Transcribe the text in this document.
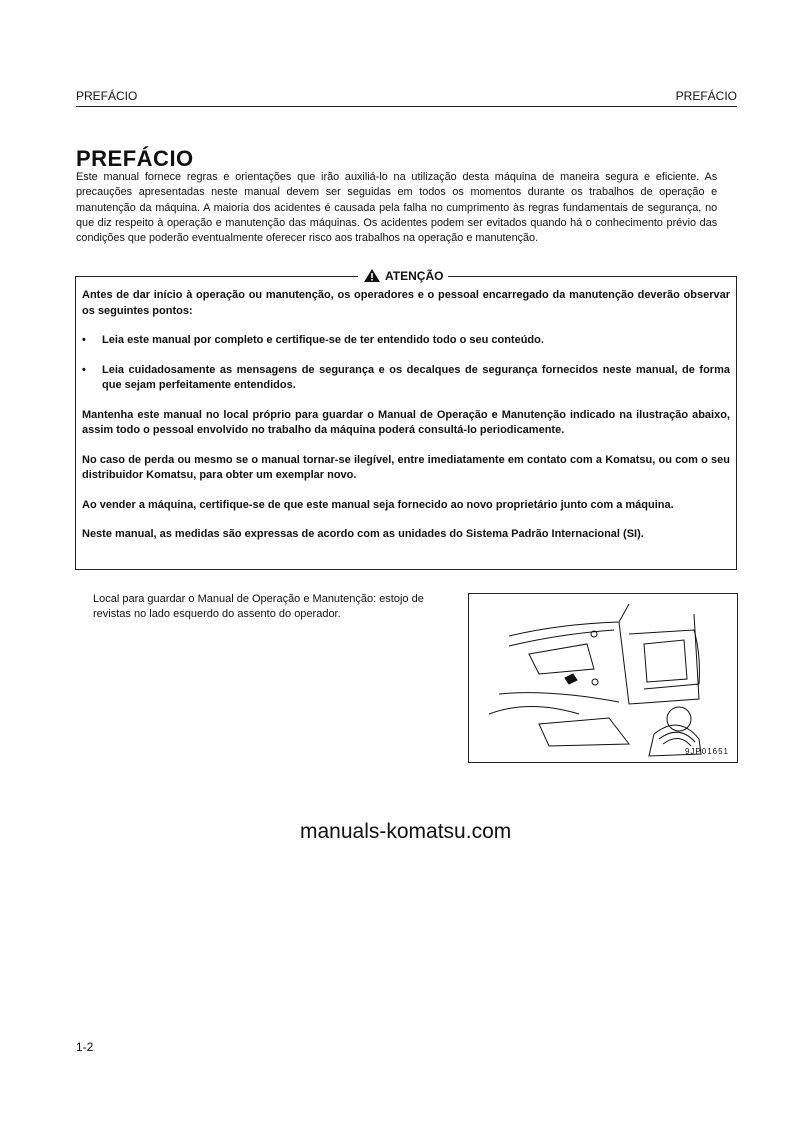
PREFÁCIO	PREFÁCIO
PREFÁCIO
Este manual fornece regras e orientações que irão auxiliá-lo na utilização desta máquina de maneira segura e eficiente. As precauções apresentadas neste manual devem ser seguidas em todos os momentos durante os trabalhos de operação e manutenção da máquina. A maioria dos acidentes é causada pela falha no cumprimento às regras fundamentais de segurança, no que diz respeito à operação e manutenção das máquinas. Os acidentes podem ser evitados quando há o conhecimento prévio das condições que poderão eventualmente oferecer risco aos trabalhos na operação e manutenção.
ATENÇÃO

Antes de dar início à operação ou manutenção, os operadores e o pessoal encarregado da manutenção deverão observar os seguintes pontos:

•	Leia este manual por completo e certifique-se de ter entendido todo o seu conteúdo.
•	Leia cuidadosamente as mensagens de segurança e os decalques de segurança fornecidos neste manual, de forma que sejam perfeitamente entendidos.

Mantenha este manual no local próprio para guardar o Manual de Operação e Manutenção indicado na ilustração abaixo, assim todo o pessoal envolvido no trabalho da máquina poderá consultá-lo periodicamente.

No caso de perda ou mesmo se o manual tornar-se ilegível, entre imediatamente em contato com a Komatsu, ou com o seu distribuidor Komatsu, para obter um exemplar novo.

Ao vender a máquina, certifique-se de que este manual seja fornecido ao novo proprietário junto com a máquina.

Neste manual, as medidas são expressas de acordo com as unidades do Sistema Padrão Internacional (SI).

Local para guardar o Manual de Operação e Manutenção: estojo de revistas no lado esquerdo do assento do operador.
9JP01651
manuals-komatsu.com
1-2
